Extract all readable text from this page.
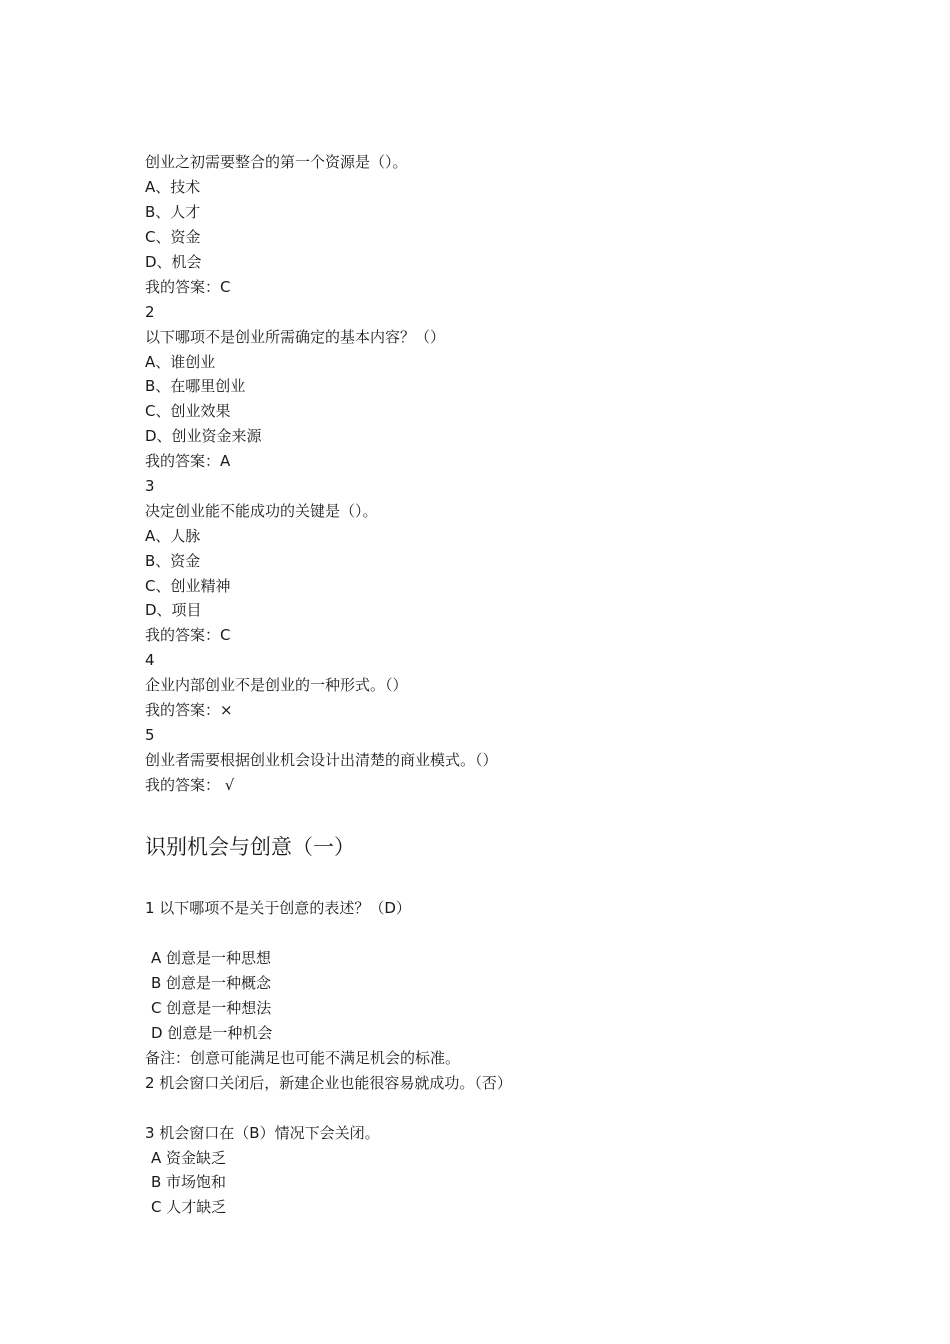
创业之初需要整合的第一个资源是（）。
A、技术
B、人才
C、资金
D、机会
我的答案：C
2
以下哪项不是创业所需确定的基本内容？（）
A、谁创业
B、在哪里创业
C、创业效果
D、创业资金来源
我的答案：A
3
决定创业能不能成功的关键是（）。
A、人脉
B、资金
C、创业精神
D、项目
我的答案：C
4
企业内部创业不是创业的一种形式。（）
我的答案：×
5
创业者需要根据创业机会设计出清楚的商业模式。（）
我的答案： √
识别机会与创意（一）
1 以下哪项不是关于创意的表述？（D）
A 创意是一种思想
B 创意是一种概念
C 创意是一种想法
D 创意是一种机会
备注：创意可能满足也可能不满足机会的标准。
2 机会窗口关闭后，新建企业也能很容易就成功。（否）
3 机会窗口在（B）情况下会关闭。
A 资金缺乏
B 市场饱和
C 人才缺乏
